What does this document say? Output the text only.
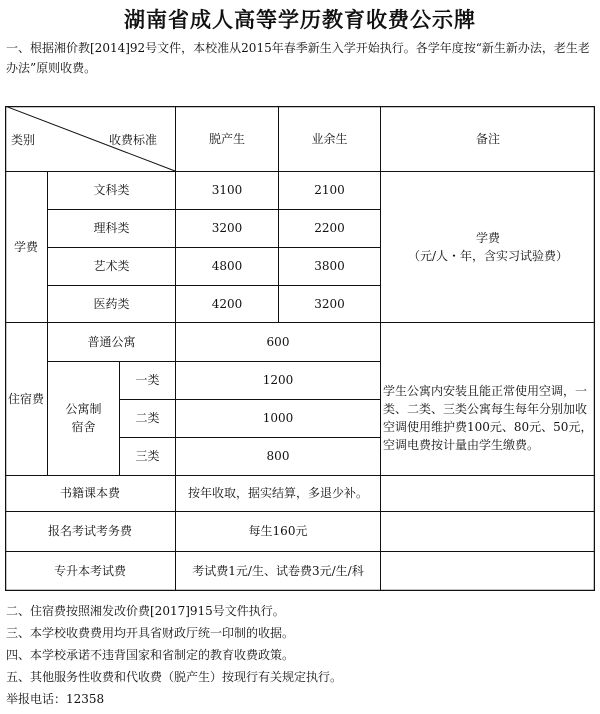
湖南省成人高等学历教育收费公示牌
一、根据湘价教[2014]92号文件，本校准从2015年春季新生入学开始执行。各学年度按“新生新办法，老生老办法”原则收费。
类别	收费标准	脱产生	业余生	备注
学费
文科类	3100	2100
理科类	3200	2200
艺术类	4800	3800
医药类	4200	3200
学费
（元/人・年，含实习试验费）
住宿费
普通公寓	600
公寓制
宿舍
一类	1200
二类	1000
三类	800
学生公寓内安装且能正常使用空调，一类、二类、三类公寓每生每年分别加收空调使用维护费100元、80元、50元，空调电费按计量由学生缴费。
书籍课本费	按年收取，据实结算，多退少补。
报名考试考务费	每生160元
专升本考试费	考试费1元/生、试卷费3元/生/科
二、住宿费按照湘发改价费[2017]915号文件执行。
三、本学校收费费用均开具省财政厅统一印制的收据。
四、本学校承诺不违背国家和省制定的教育收费政策。
五、其他服务性收费和代收费（脱产生）按现行有关规定执行。
举报电话：12358
